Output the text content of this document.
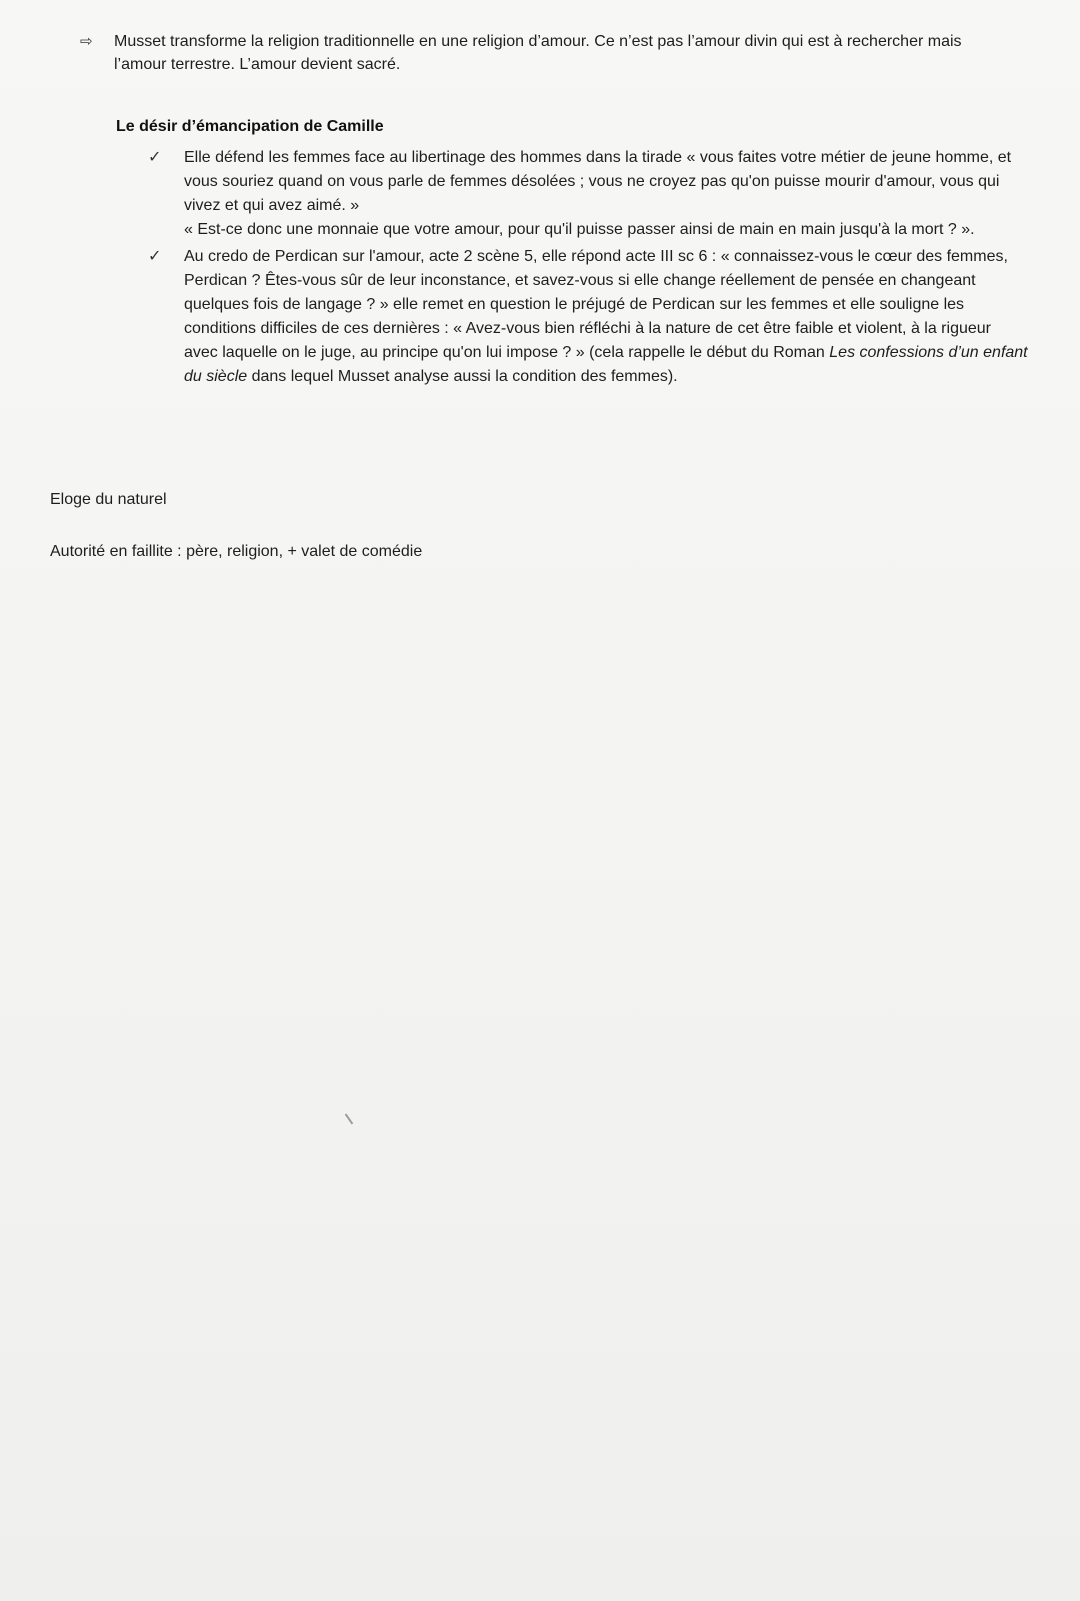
⇨	Musset transforme la religion traditionnelle en une religion d’amour. Ce n’est pas l’amour divin qui est à rechercher mais l’amour terrestre. L’amour devient sacré.
Le désir d’émancipation de Camille
✓	Elle défend les femmes face au libertinage des hommes dans la tirade « vous faites votre métier de jeune homme, et vous souriez quand on vous parle de femmes désolées ; vous ne croyez pas qu'on puisse mourir d'amour, vous qui vivez et qui avez aimé. »

« Est-ce donc une monnaie que votre amour, pour qu'il puisse passer ainsi de main en main jusqu'à la mort ? ».

✓	Au credo de Perdican sur l'amour, acte 2 scène 5, elle répond acte III sc 6 : « connaissez-vous le cœur des femmes, Perdican ? Êtes-vous sûr de leur inconstance, et savez-vous si elle change réellement de pensée en changeant quelques fois de langage ? » elle remet en question le préjugé de Perdican sur les femmes et elle souligne les conditions difficiles de ces dernières : « Avez-vous bien réfléchi à la nature de cet être faible et violent, à la rigueur avec laquelle on le juge, au principe qu'on lui impose ? » (cela rappelle le début du Roman Les confessions d’un enfant du siècle dans lequel Musset analyse aussi la condition des femmes).

Eloge du naturel
Autorité en faillite : père, religion, + valet de comédie
